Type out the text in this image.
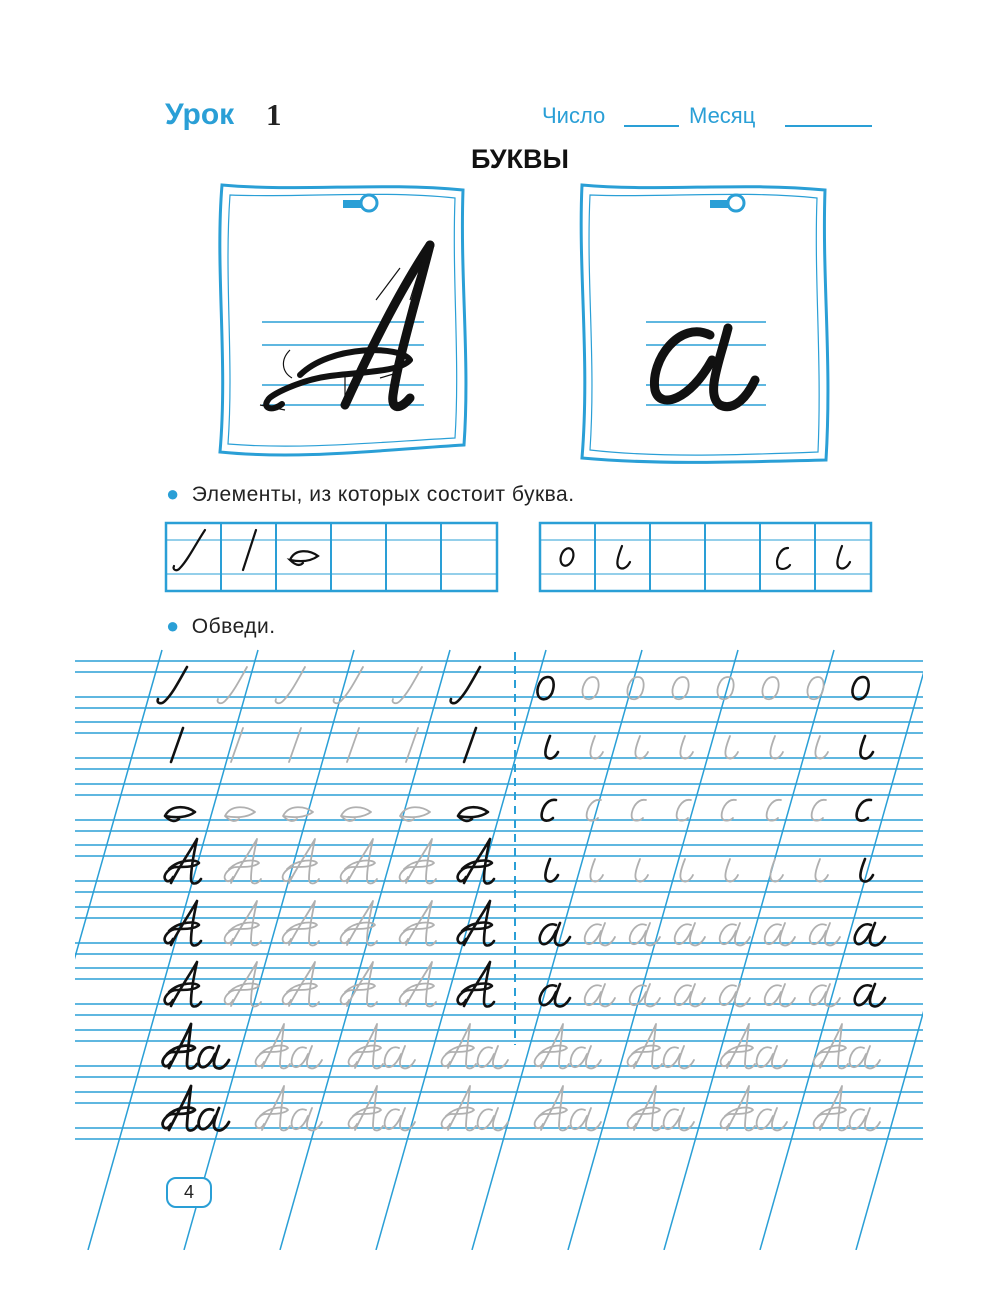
Урок 1	Число	Месяц
БУКВЫ
● Элементы, из которых состоит буква.
● Обведи.
4
